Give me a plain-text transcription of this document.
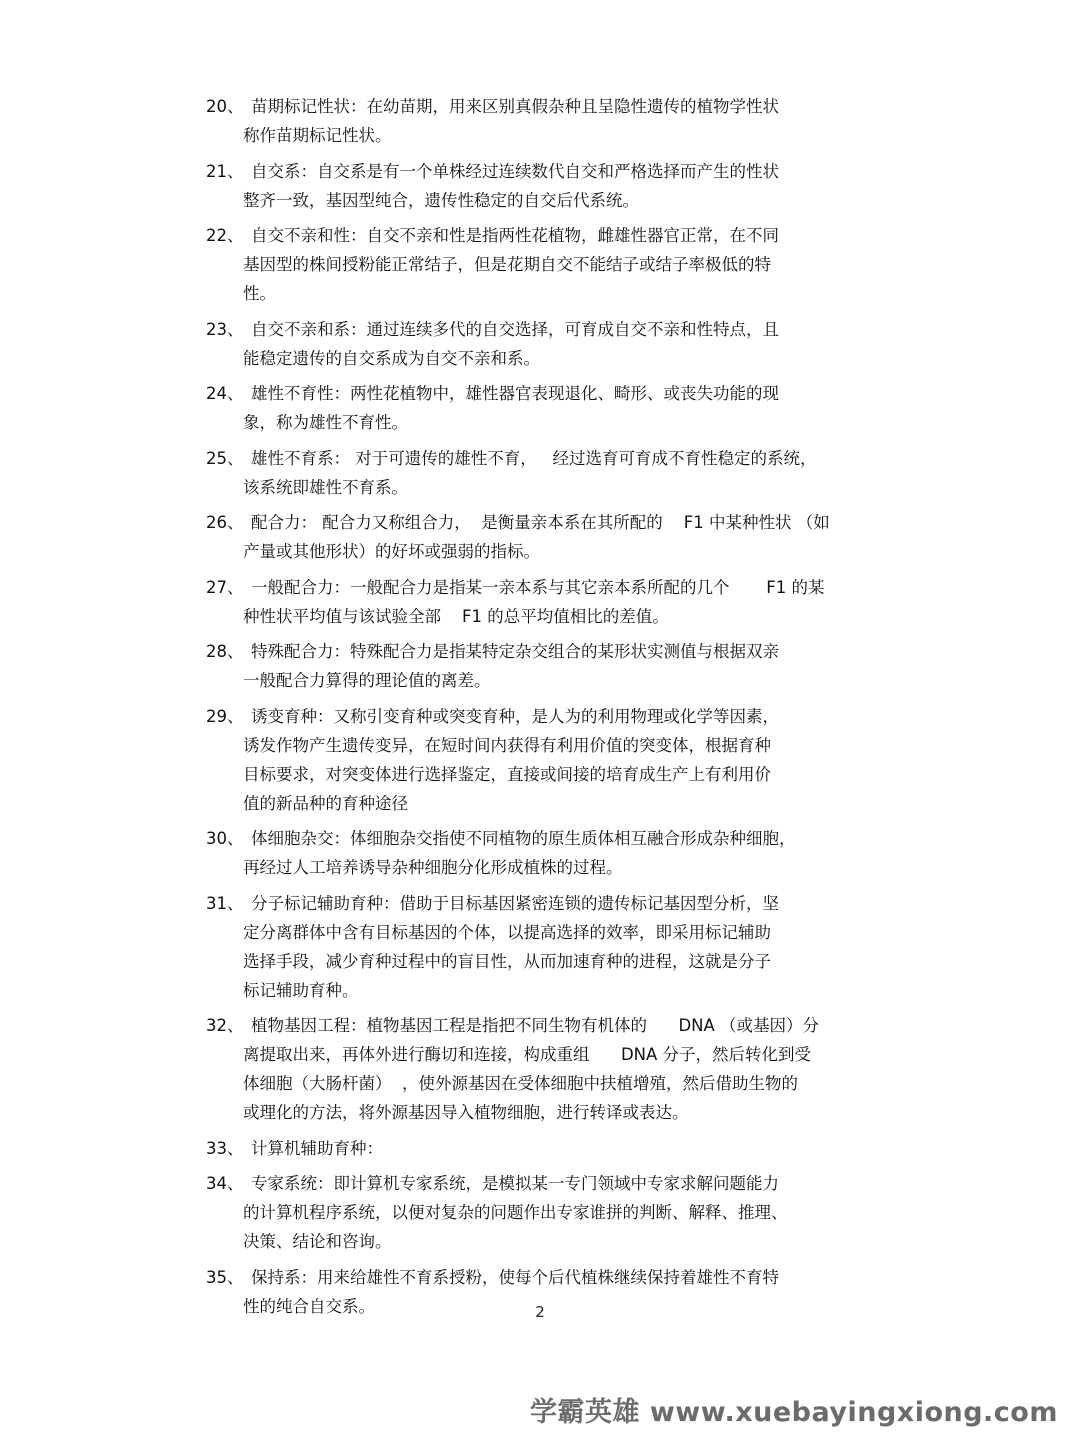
20、 苗期标记性状：在幼苗期，用来区别真假杂种且呈隐性遗传的植物学性状
称作苗期标记性状。
21、 自交系：自交系是有一个单株经过连续数代自交和严格选择而产生的性状
整齐一致，基因型纯合，遗传性稳定的自交后代系统。
22、 自交不亲和性：自交不亲和性是指两性花植物，雌雄性器官正常，在不同
基因型的株间授粉能正常结子，但是花期自交不能结子或结子率极低的特
性。
23、 自交不亲和系：通过连续多代的自交选择，可育成自交不亲和性特点，且
能稳定遗传的自交系成为自交不亲和系。
24、 雄性不育性：两性花植物中，雄性器官表现退化、畸形、或丧失功能的现
象，称为雄性不育性。
25、 雄性不育系： 对于可遗传的雄性不育，   经过选育可育成不育性稳定的系统，
该系统即雄性不育系。
26、 配合力： 配合力又称组合力，  是衡量亲本系在其所配的    F1 中某种性状 （如
产量或其他形状）的好坏或强弱的指标。
27、 一般配合力：一般配合力是指某一亲本系与其它亲本系所配的几个       F1 的某
种性状平均值与该试验全部    F1 的总平均值相比的差值。
28、 特殊配合力：特殊配合力是指某特定杂交组合的某形状实测值与根据双亲
一般配合力算得的理论值的离差。
29、 诱变育种：又称引变育种或突变育种，是人为的利用物理或化学等因素，
诱发作物产生遗传变异，在短时间内获得有利用价值的突变体，根据育种
目标要求，对突变体进行选择鉴定，直接或间接的培育成生产上有利用价
值的新品种的育种途径
30、 体细胞杂交：体细胞杂交指使不同植物的原生质体相互融合形成杂种细胞，
再经过人工培养诱导杂种细胞分化形成植株的过程。
31、 分子标记辅助育种：借助于目标基因紧密连锁的遗传标记基因型分析，坚
定分离群体中含有目标基因的个体，以提高选择的效率，即采用标记辅助
选择手段，减少育种过程中的盲目性，从而加速育种的进程，这就是分子
标记辅助育种。
32、 植物基因工程：植物基因工程是指把不同生物有机体的      DNA （或基因）分
离提取出来，再体外进行酶切和连接，构成重组      DNA 分子，然后转化到受
体细胞（大肠杆菌）  ，使外源基因在受体细胞中扶植增殖，然后借助生物的
或理化的方法，将外源基因导入植物细胞，进行转译或表达。
33、 计算机辅助育种：
34、 专家系统：即计算机专家系统，是模拟某一专门领域中专家求解问题能力
的计算机程序系统，以便对复杂的问题作出专家谁拼的判断、解释、推理、
决策、结论和咨询。
35、 保持系：用来给雄性不育系授粉，使每个后代植株继续保持着雄性不育特
性的纯合自交系。	2
学霸英雄 www.xuebayingxiong.com
